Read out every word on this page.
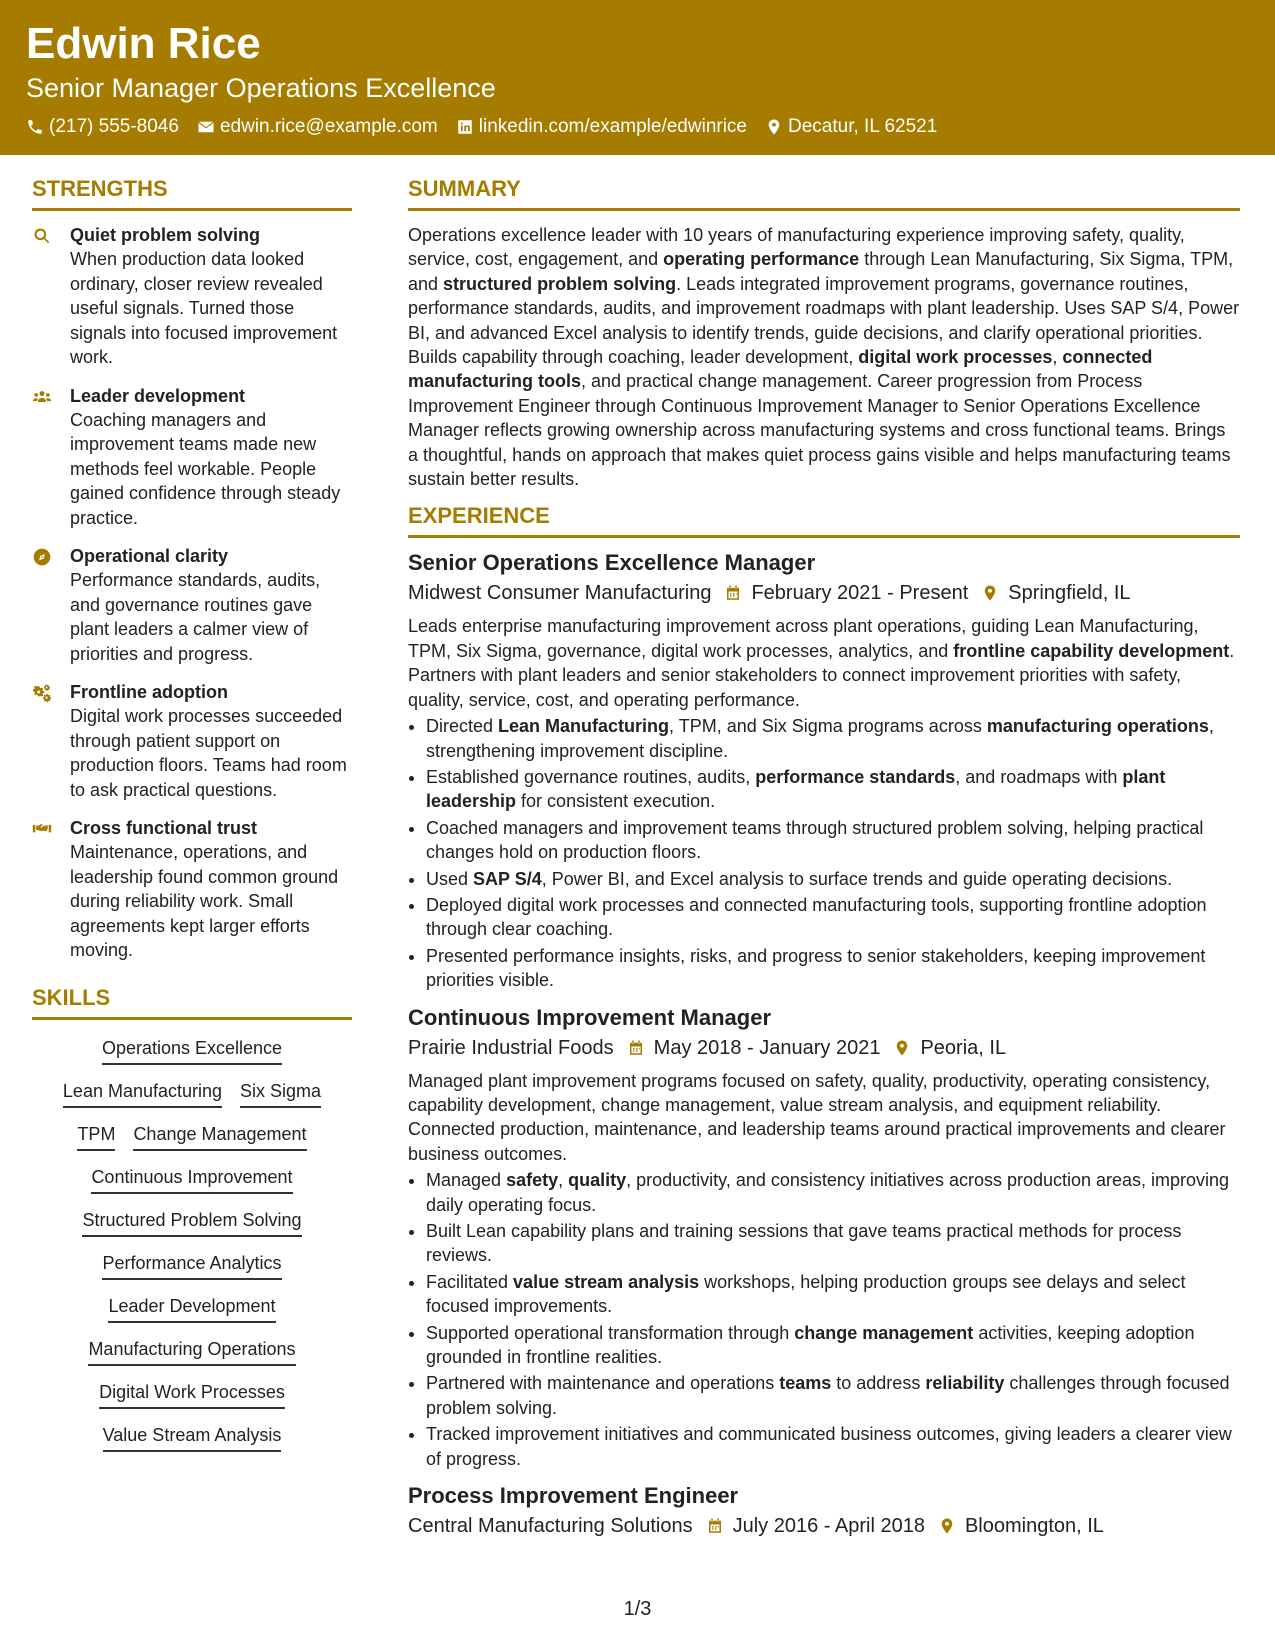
Edwin Rice
Senior Manager Operations Excellence
(217) 555-8046 edwin.rice@example.com linkedin.com/example/edwinrice Decatur, IL 62521
STRENGTHS
Quiet problem solving
When production data looked ordinary, closer review revealed useful signals. Turned those signals into focused improvement work.
Leader development
Coaching managers and improvement teams made new methods feel workable. People gained confidence through steady practice.
Operational clarity
Performance standards, audits, and governance routines gave plant leaders a calmer view of priorities and progress.
Frontline adoption
Digital work processes succeeded through patient support on production floors. Teams had room to ask practical questions.
Cross functional trust
Maintenance, operations, and leadership found common ground during reliability work. Small agreements kept larger efforts moving.
SKILLS
Operations Excellence
Lean Manufacturing Six Sigma
TPM Change Management
Continuous Improvement
Structured Problem Solving
Performance Analytics
Leader Development
Manufacturing Operations
Digital Work Processes
Value Stream Analysis
SUMMARY
Operations excellence leader with 10 years of manufacturing experience improving safety, quality, service, cost, engagement, and operating performance through Lean Manufacturing, Six Sigma, TPM, and structured problem solving. Leads integrated improvement programs, governance routines, performance standards, audits, and improvement roadmaps with plant leadership. Uses SAP S/4, Power BI, and advanced Excel analysis to identify trends, guide decisions, and clarify operational priorities. Builds capability through coaching, leader development, digital work processes, connected manufacturing tools, and practical change management. Career progression from Process Improvement Engineer through Continuous Improvement Manager to Senior Operations Excellence Manager reflects growing ownership across manufacturing systems and cross functional teams. Brings a thoughtful, hands on approach that makes quiet process gains visible and helps manufacturing teams sustain better results.
EXPERIENCE
Senior Operations Excellence Manager
Midwest Consumer Manufacturing February 2021 - Present Springfield, IL
Leads enterprise manufacturing improvement across plant operations, guiding Lean Manufacturing, TPM, Six Sigma, governance, digital work processes, analytics, and frontline capability development. Partners with plant leaders and senior stakeholders to connect improvement priorities with safety, quality, service, cost, and operating performance.
• Directed Lean Manufacturing, TPM, and Six Sigma programs across manufacturing operations, strengthening improvement discipline.
• Established governance routines, audits, performance standards, and roadmaps with plant leadership for consistent execution.
• Coached managers and improvement teams through structured problem solving, helping practical changes hold on production floors.
• Used SAP S/4, Power BI, and Excel analysis to surface trends and guide operating decisions.
• Deployed digital work processes and connected manufacturing tools, supporting frontline adoption through clear coaching.
• Presented performance insights, risks, and progress to senior stakeholders, keeping improvement priorities visible.
Continuous Improvement Manager
Prairie Industrial Foods May 2018 - January 2021 Peoria, IL
Managed plant improvement programs focused on safety, quality, productivity, operating consistency, capability development, change management, value stream analysis, and equipment reliability. Connected production, maintenance, and leadership teams around practical improvements and clearer business outcomes.
• Managed safety, quality, productivity, and consistency initiatives across production areas, improving daily operating focus.
• Built Lean capability plans and training sessions that gave teams practical methods for process reviews.
• Facilitated value stream analysis workshops, helping production groups see delays and select focused improvements.
• Supported operational transformation through change management activities, keeping adoption grounded in frontline realities.
• Partnered with maintenance and operations teams to address reliability challenges through focused problem solving.
• Tracked improvement initiatives and communicated business outcomes, giving leaders a clearer view of progress.
Process Improvement Engineer
Central Manufacturing Solutions July 2016 - April 2018 Bloomington, IL
1/3
